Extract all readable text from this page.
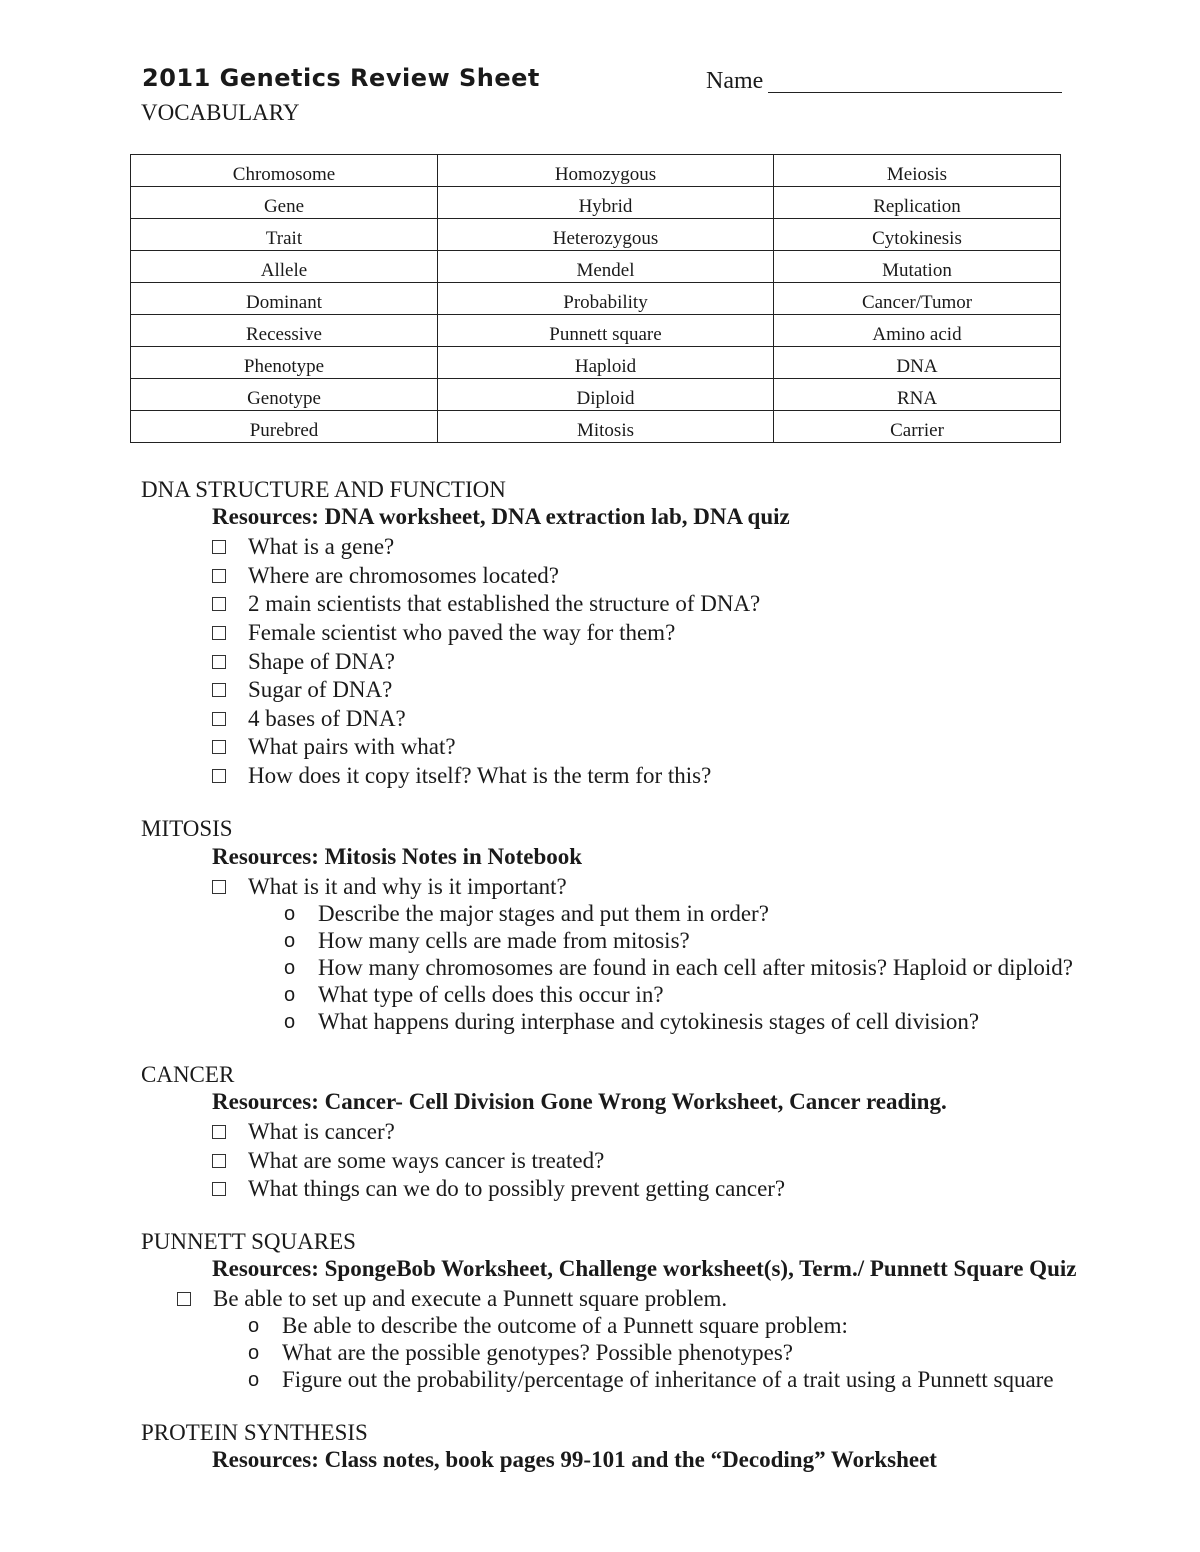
2011 Genetics Review Sheet	Name
VOCABULARY
Chromosome	Homozygous	Meiosis
Gene	Hybrid	Replication
Trait	Heterozygous	Cytokinesis
Allele	Mendel	Mutation
Dominant	Probability	Cancer/Tumor
Recessive	Punnett square	Amino acid
Phenotype	Haploid	DNA
Genotype	Diploid	RNA
Purebred	Mitosis	Carrier
DNA STRUCTURE AND FUNCTION
Resources: DNA worksheet, DNA extraction lab, DNA quiz
What is a gene?
Where are chromosomes located?
2 main scientists that established the structure of DNA?
Female scientist who paved the way for them?
Shape of DNA?
Sugar of DNA?
4 bases of DNA?
What pairs with what?
How does it copy itself? What is the term for this?
MITOSIS
Resources: Mitosis Notes in Notebook
What is it and why is it important?
o Describe the major stages and put them in order?
o How many cells are made from mitosis?
o How many chromosomes are found in each cell after mitosis? Haploid or diploid?
o What type of cells does this occur in?
o What happens during interphase and cytokinesis stages of cell division?
CANCER
Resources: Cancer- Cell Division Gone Wrong Worksheet, Cancer reading.
What is cancer?
What are some ways cancer is treated?
What things can we do to possibly prevent getting cancer?
PUNNETT SQUARES
Resources: SpongeBob Worksheet, Challenge worksheet(s), Term./ Punnett Square Quiz
Be able to set up and execute a Punnett square problem.
o Be able to describe the outcome of a Punnett square problem:
o What are the possible genotypes? Possible phenotypes?
o Figure out the probability/percentage of inheritance of a trait using a Punnett square
PROTEIN SYNTHESIS
Resources: Class notes, book pages 99-101 and the “Decoding” Worksheet
